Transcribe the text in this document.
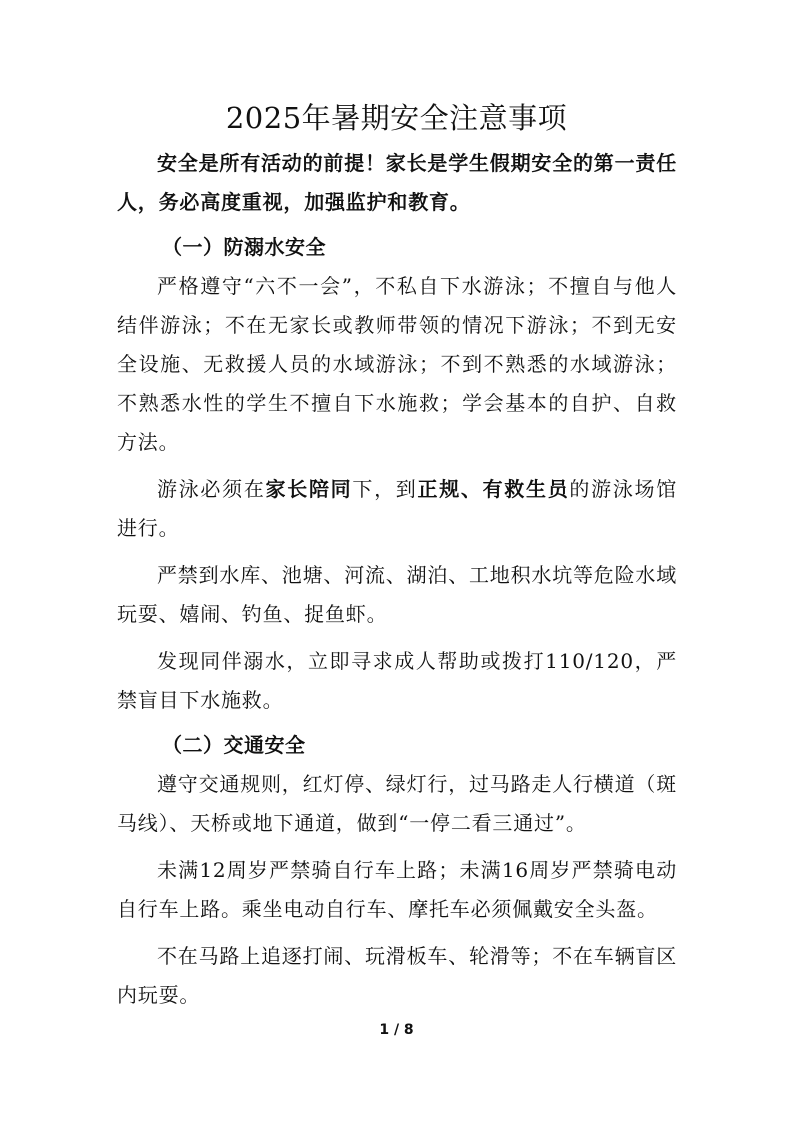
2025年暑期安全注意事项

安全是所有活动的前提！家长是学生假期安全的第一责任人，务必高度重视，加强监护和教育。

（一）防溺水安全

严格遵守“六不一会”，不私自下水游泳；不擅自与他人结伴游泳；不在无家长或教师带领的情况下游泳；不到无安全设施、无救援人员的水域游泳；不到不熟悉的水域游泳；不熟悉水性的学生不擅自下水施救；学会基本的自护、自救方法。

游泳必须在家长陪同下，到正规、有救生员的游泳场馆进行。

严禁到水库、池塘、河流、湖泊、工地积水坑等危险水域玩耍、嬉闹、钓鱼、捉鱼虾。

发现同伴溺水，立即寻求成人帮助或拨打110/120，严禁盲目下水施救。

（二）交通安全

遵守交通规则，红灯停、绿灯行，过马路走人行横道（斑马线）、天桥或地下通道，做到“一停二看三通过”。

未满12周岁严禁骑自行车上路；未满16周岁严禁骑电动自行车上路。乘坐电动自行车、摩托车必须佩戴安全头盔。

不在马路上追逐打闹、玩滑板车、轮滑等；不在车辆盲区内玩耍。

1 / 8
